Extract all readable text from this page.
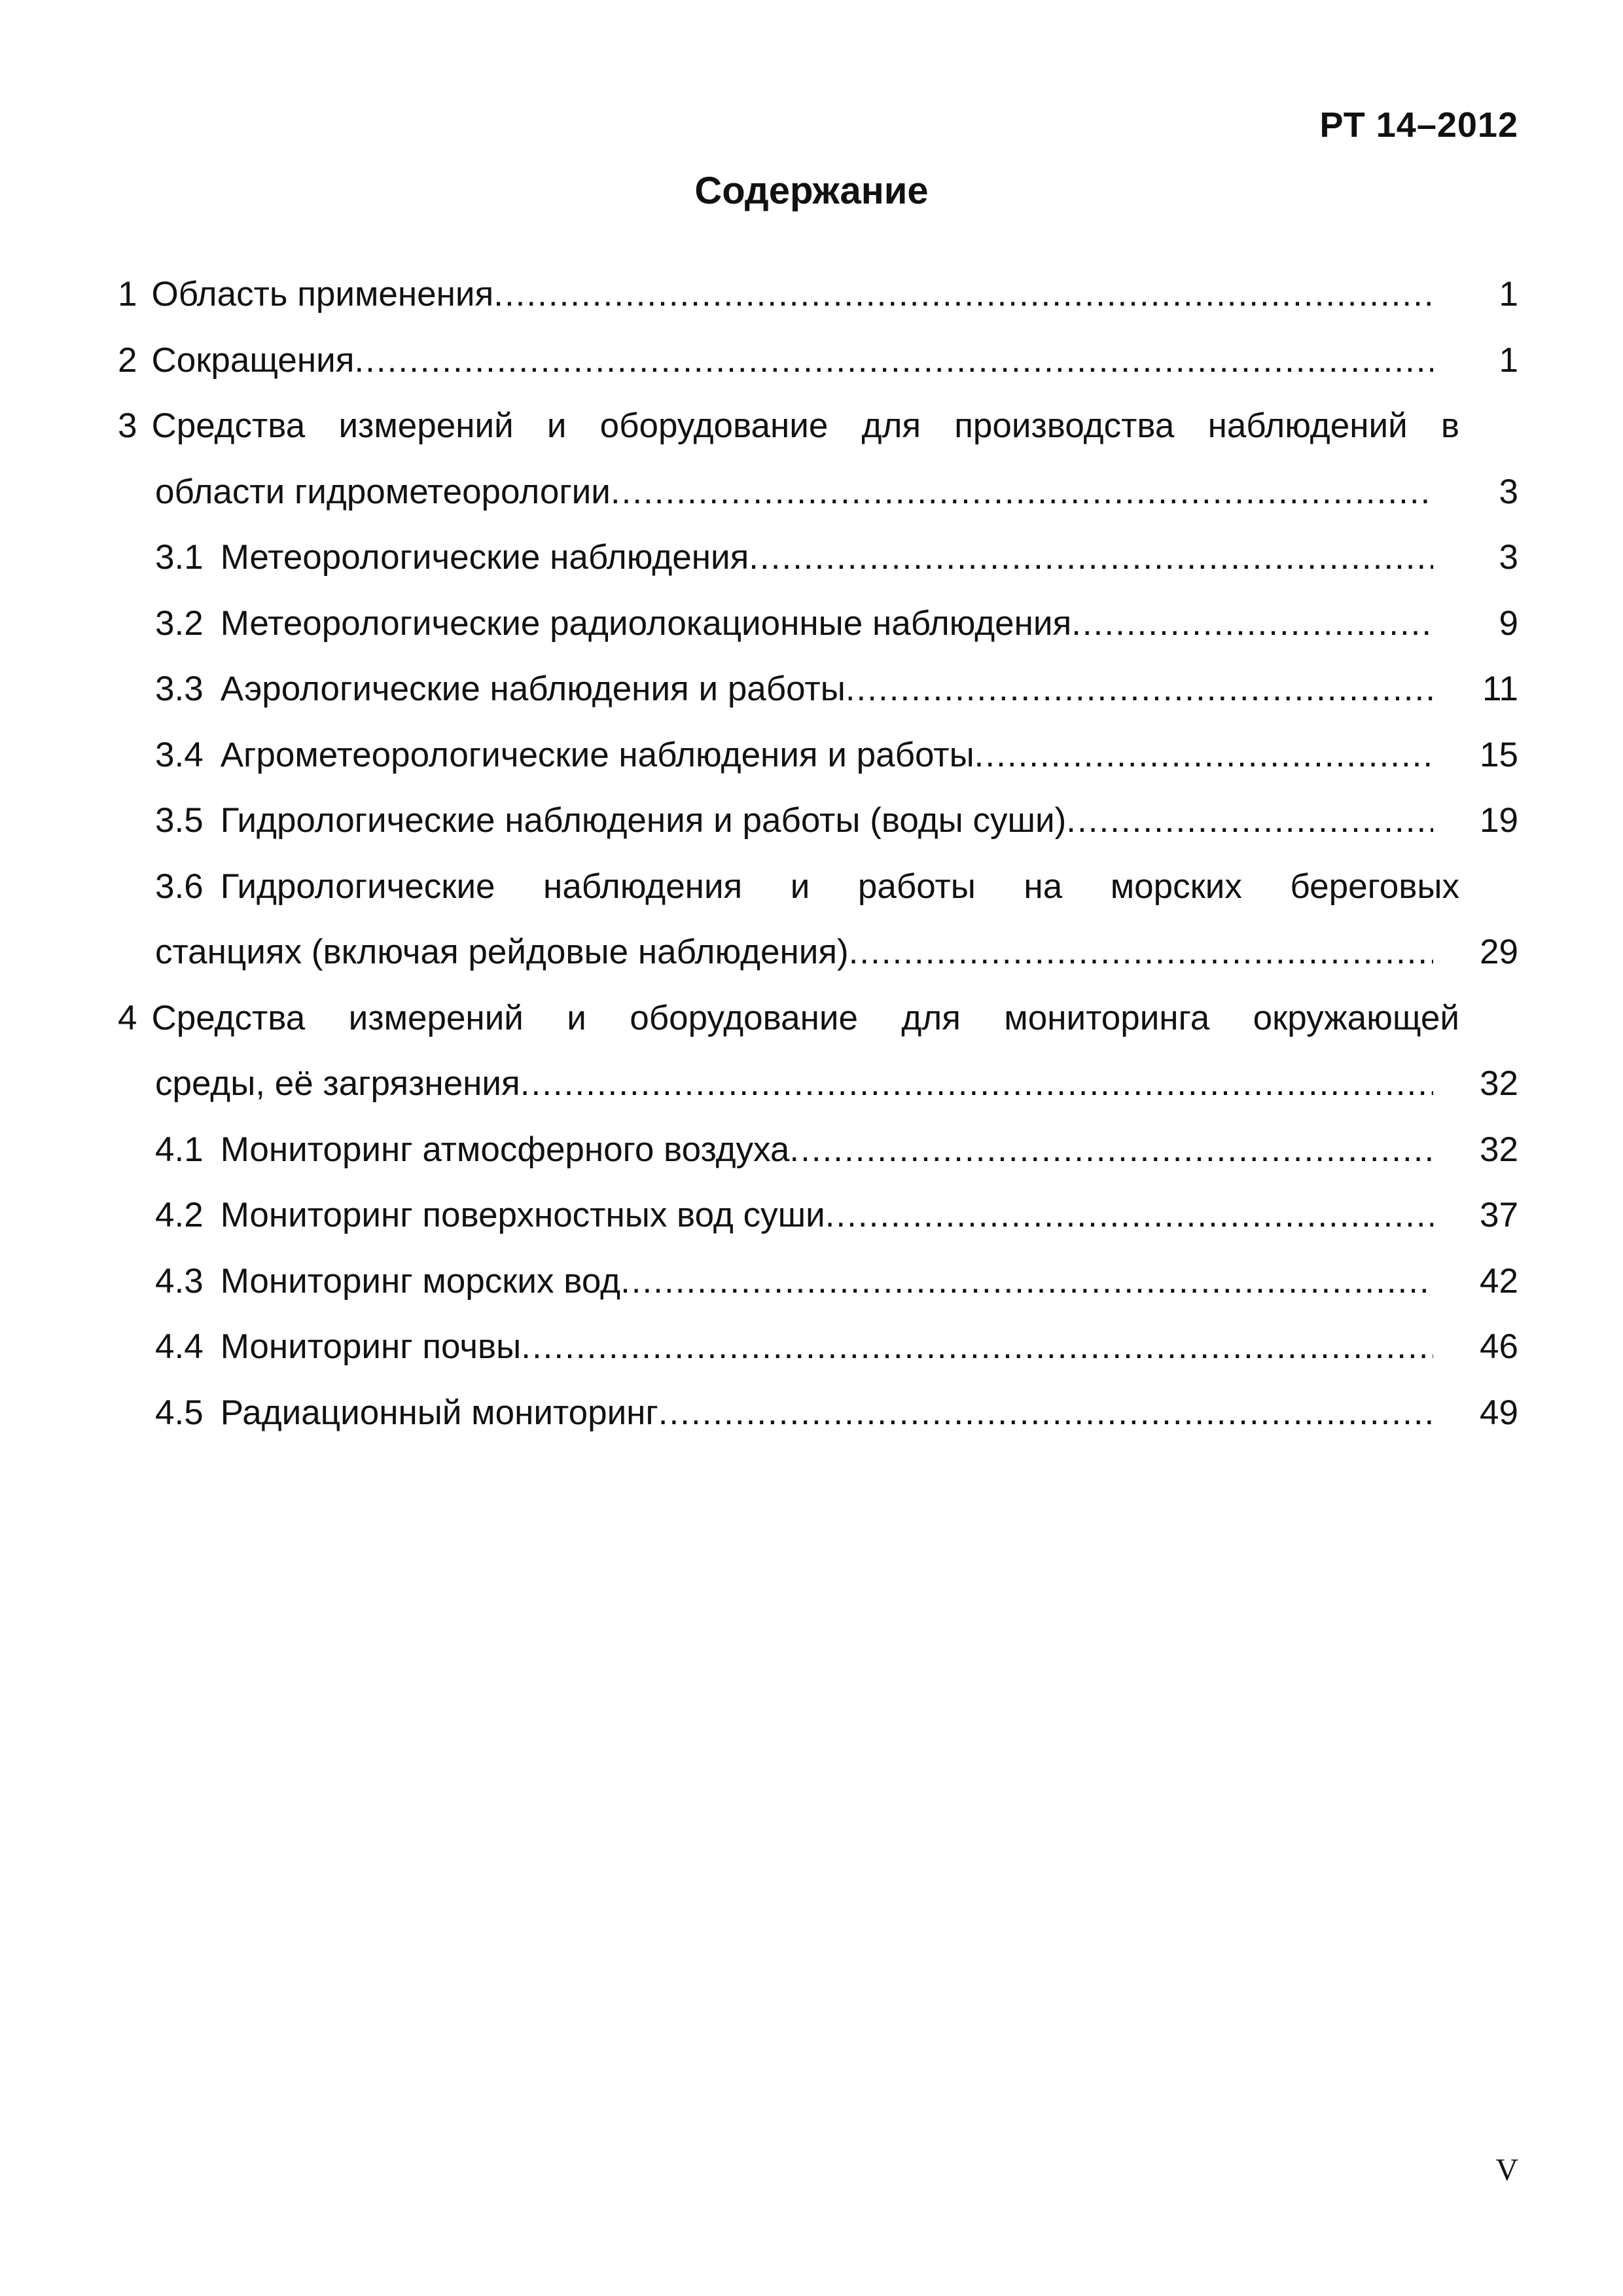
РТ 14–2012
Содержание
1 Область применения .....	1
2 Сокращения .....	1
3 Средства измерений и оборудование для производства наблюдений в
области гидрометеорологии .....	3
3.1 Метеорологические наблюдения .....	3
3.2 Метеорологические радиолокационные наблюдения .....	9
3.3 Аэрологические наблюдения и работы .....	11
3.4 Агрометеорологические наблюдения и работы .....	15
3.5 Гидрологические наблюдения и работы (воды суши) .....	19
3.6 Гидрологические наблюдения и работы на морских береговых
станциях (включая рейдовые наблюдения) .....	29
4 Средства измерений и оборудование для мониторинга окружающей
среды, её загрязнения .....	32
4.1 Мониторинг атмосферного воздуха .....	32
4.2 Мониторинг поверхностных вод суши .....	37
4.3 Мониторинг морских вод .....	42
4.4 Мониторинг почвы .....	46
4.5 Радиационный мониторинг .....	49
V
